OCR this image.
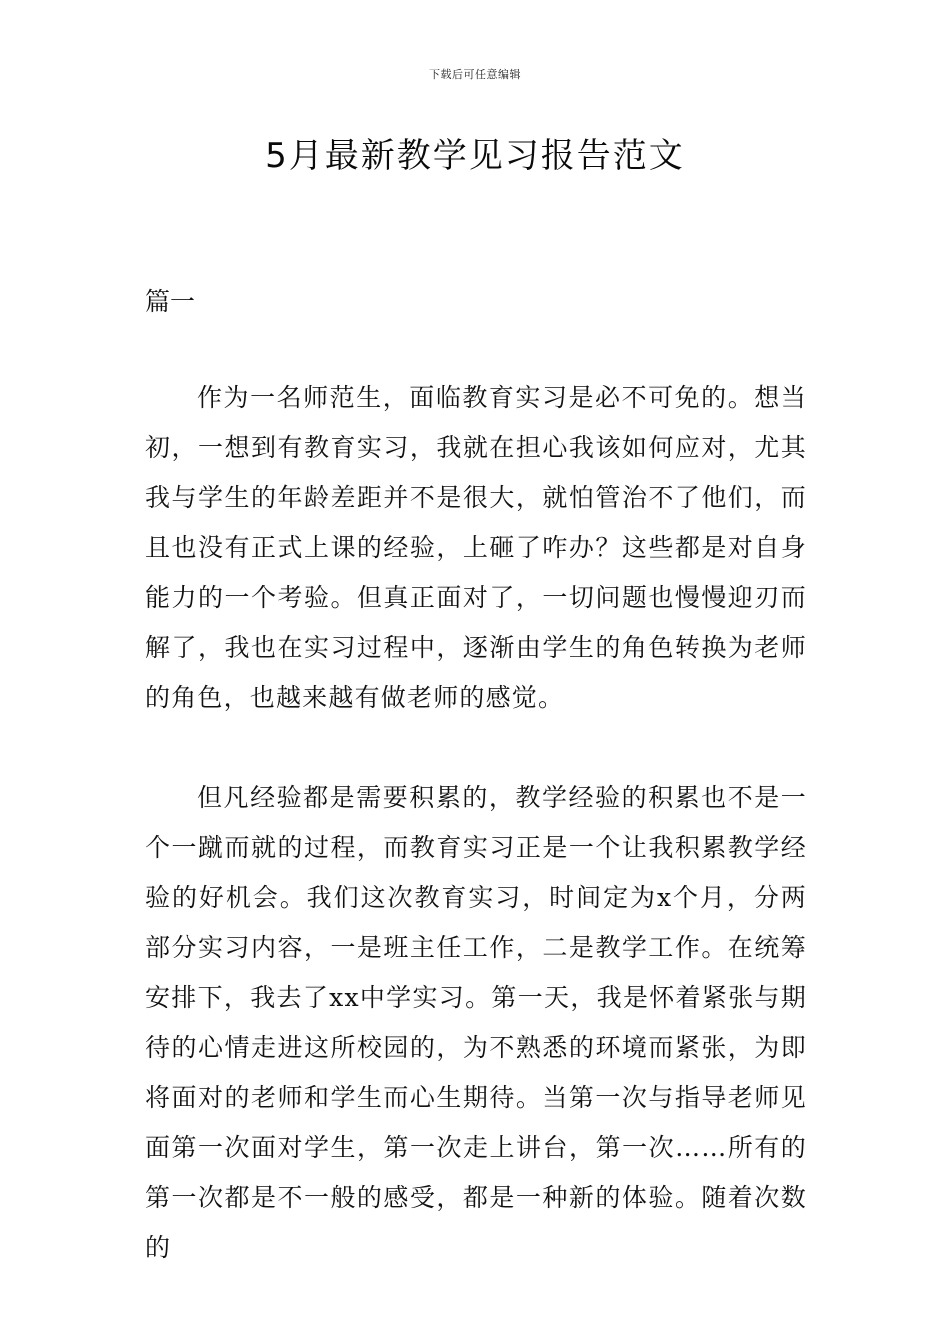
下载后可任意编辑
5月最新教学见习报告范文
篇一

作为一名师范生，面临教育实习是必不可免的。想当初，一想到有教育实习，我就在担心我该如何应对，尤其我与学生的年龄差距并不是很大，就怕管治不了他们，而且也没有正式上课的经验，上砸了咋办？这些都是对自身能力的一个考验。但真正面对了，一切问题也慢慢迎刃而解了，我也在实习过程中，逐渐由学生的角色转换为老师的角色，也越来越有做老师的感觉。

但凡经验都是需要积累的，教学经验的积累也不是一个一蹴而就的过程，而教育实习正是一个让我积累教学经验的好机会。我们这次教育实习，时间定为x个月，分两部分实习内容，一是班主任工作，二是教学工作。在统筹安排下，我去了xx中学实习。第一天，我是怀着紧张与期待的心情走进这所校园的，为不熟悉的环境而紧张，为即将面对的老师和学生而心生期待。当第一次与指导老师见面第一次面对学生，第一次走上讲台，第一次……所有的第一次都是不一般的感受，都是一种新的体验。随着次数的
